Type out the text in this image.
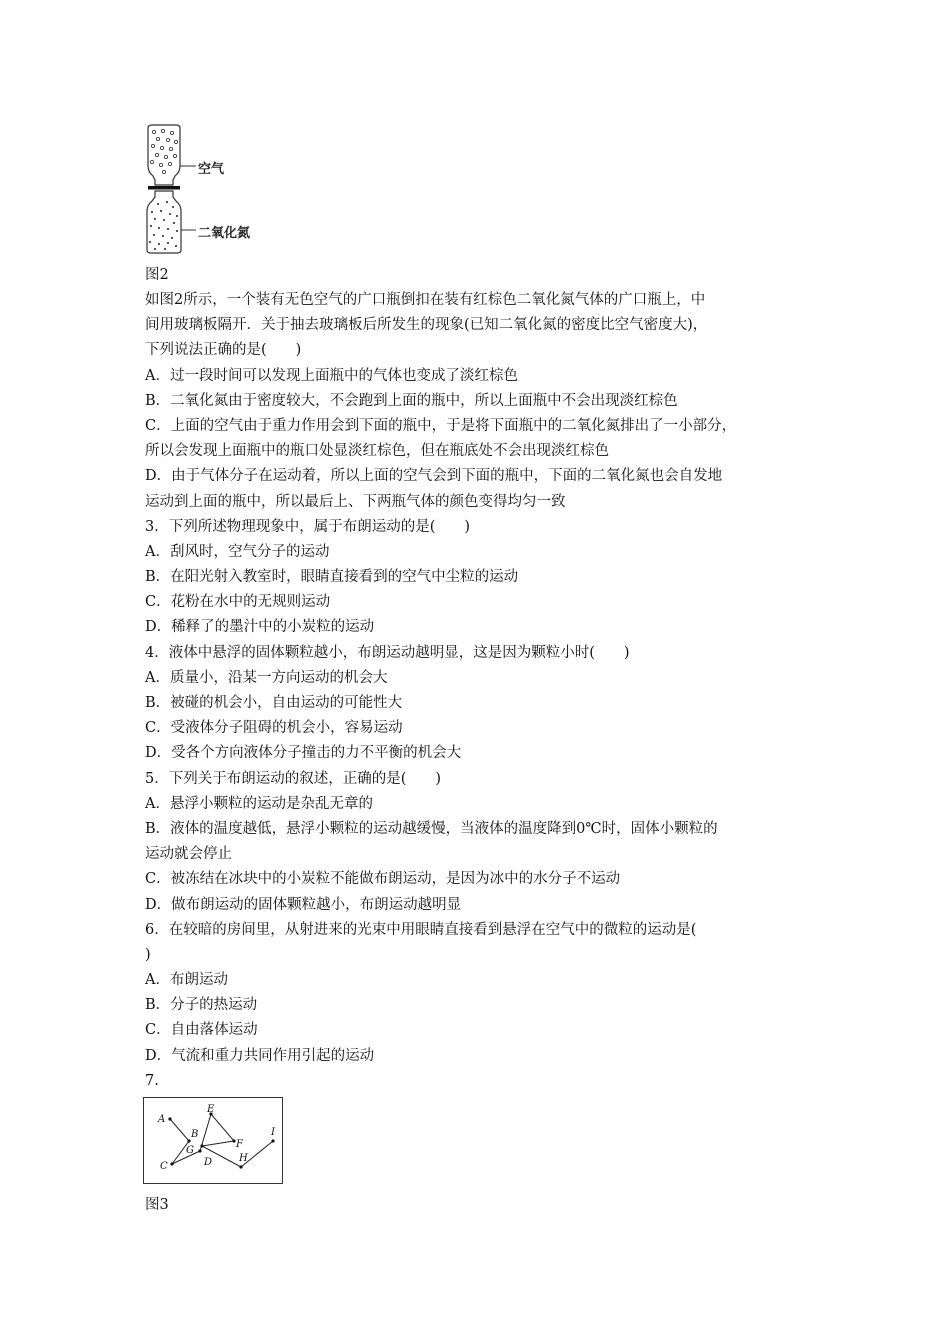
空气
二氧化氮
图2
如图2所示，一个装有无色空气的广口瓶倒扣在装有红棕色二氧化氮气体的广口瓶上，中
间用玻璃板隔开．关于抽去玻璃板后所发生的现象(已知二氧化氮的密度比空气密度大)，
下列说法正确的是(　　)
A．过一段时间可以发现上面瓶中的气体也变成了淡红棕色
B．二氧化氮由于密度较大，不会跑到上面的瓶中，所以上面瓶中不会出现淡红棕色
C．上面的空气由于重力作用会到下面的瓶中，于是将下面瓶中的二氧化氮排出了一小部分，
所以会发现上面瓶中的瓶口处显淡红棕色，但在瓶底处不会出现淡红棕色
D．由于气体分子在运动着，所以上面的空气会到下面的瓶中，下面的二氧化氮也会自发地
运动到上面的瓶中，所以最后上、下两瓶气体的颜色变得均匀一致
3．下列所述物理现象中，属于布朗运动的是(　　)
A．刮风时，空气分子的运动
B．在阳光射入教室时，眼睛直接看到的空气中尘粒的运动
C．花粉在水中的无规则运动
D．稀释了的墨汁中的小炭粒的运动
4．液体中悬浮的固体颗粒越小，布朗运动越明显，这是因为颗粒小时(　　)
A．质量小，沿某一方向运动的机会大
B．被碰的机会小，自由运动的可能性大
C．受液体分子阻碍的机会小，容易运动
D．受各个方向液体分子撞击的力不平衡的机会大
5．下列关于布朗运动的叙述，正确的是(　　)
A．悬浮小颗粒的运动是杂乱无章的
B．液体的温度越低，悬浮小颗粒的运动越缓慢，当液体的温度降到0℃时，固体小颗粒的
运动就会停止
C．被冻结在冰块中的小炭粒不能做布朗运动，是因为冰中的水分子不运动
D．做布朗运动的固体颗粒越小，布朗运动越明显
6．在较暗的房间里，从射进来的光束中用眼睛直接看到悬浮在空气中的微粒的运动是(
)
A．布朗运动
B．分子的热运动
C．自由落体运动
D．气流和重力共同作用引起的运动
7.
A
B
C	D
E
F
G
H
I
图3
